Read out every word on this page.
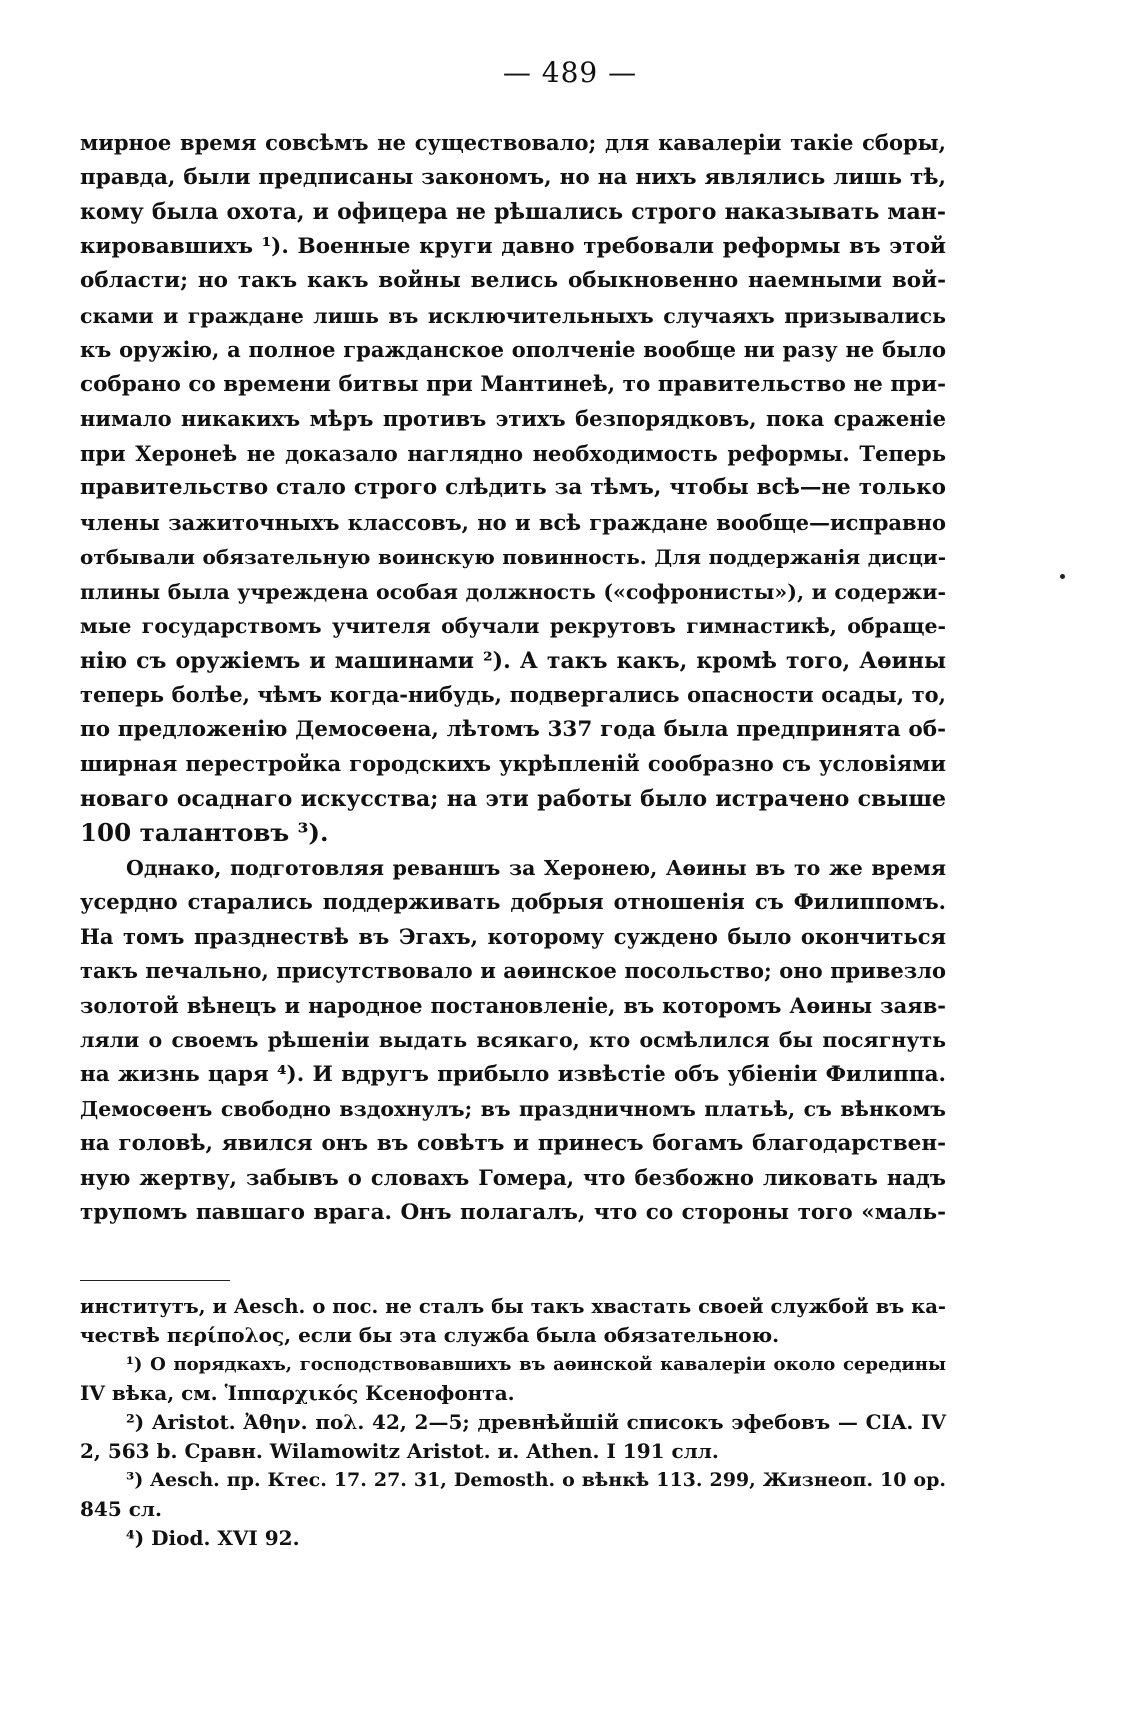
— 489 —
мирное время совсѣмъ не существовало; для кавалеріи такіе сборы,
правда, были предписаны закономъ, но на нихъ являлись лишь тѣ,
кому была охота, и офицера не рѣшались строго наказывать ман-
кировавшихъ ¹). Военные круги давно требовали реформы въ этой
области; но такъ какъ войны велись обыкновенно наемными вой-
сками и граждане лишь въ исключительныхъ случаяхъ призывались
къ оружію, а полное гражданское ополченіе вообще ни разу не было
собрано со времени битвы при Мантинеѣ, то правительство не при-
нимало никакихъ мѣръ противъ этихъ безпорядковъ, пока сраженіе
при Херонеѣ не доказало наглядно необходимость реформы. Теперь
правительство стало строго слѣдить за тѣмъ, чтобы всѣ—не только
члены зажиточныхъ классовъ, но и всѣ граждане вообще—исправно
отбывали обязательную воинскую повинность. Для поддержанія дисци-
плины была учреждена особая должность («софронисты»), и содержи-
мые государствомъ учителя обучали рекрутовъ гимнастикѣ, обраще-
нію съ оружіемъ и машинами ²). А такъ какъ, кромѣ того, Аѳины
теперь болѣе, чѣмъ когда-нибудь, подвергались опасности осады, то,
по предложенію Демосѳена, лѣтомъ 337 года была предпринята об-
ширная перестройка городскихъ укрѣпленій сообразно съ условіями
новаго осаднаго искусства; на эти работы было истрачено свыше
100 талантовъ ³).
Однако, подготовляя реваншъ за Херонею, Аѳины въ то же время
усердно старались поддерживать добрыя отношенія съ Филиппомъ.
На томъ празднествѣ въ Эгахъ, которому суждено было окончиться
такъ печально, присутствовало и аѳинское посольство; оно привезло
золотой вѣнецъ и народное постановленіе, въ которомъ Аѳины заяв-
ляли о своемъ рѣшеніи выдать всякаго, кто осмѣлился бы посягнуть
на жизнь царя ⁴). И вдругъ прибыло извѣстіе объ убіеніи Филиппа.
Демосѳенъ свободно вздохнулъ; въ праздничномъ платьѣ, съ вѣнкомъ
на головѣ, явился онъ въ совѣтъ и принесъ богамъ благодарствен-
ную жертву, забывъ о словахъ Гомера, что безбожно ликовать надъ
трупомъ павшаго врага. Онъ полагалъ, что со стороны того «маль-
институтъ, и Aesch. о пос. не сталъ бы такъ хвастать своей службой въ ка-
чествѣ περίπολος, если бы эта служба была обязательною.
¹) О порядкахъ, господствовавшихъ въ аѳинской кавалеріи около середины
IV вѣка, см. Ἱππαρχικός Ксенофонта.
²) Aristot. Ἀθην. πολ. 42, 2—5; древнѣйшій списокъ эфебовъ — CIA. IV
2, 563 b. Сравн. Wilamowitz Aristot. и. Athen. I 191 слл.
³) Aesch. пр. Ктес. 17. 27. 31, Demosth. о вѣнкѣ 113. 299, Жизнеоп. 10 ор.
845 сл.
⁴) Diod. XVI 92.
